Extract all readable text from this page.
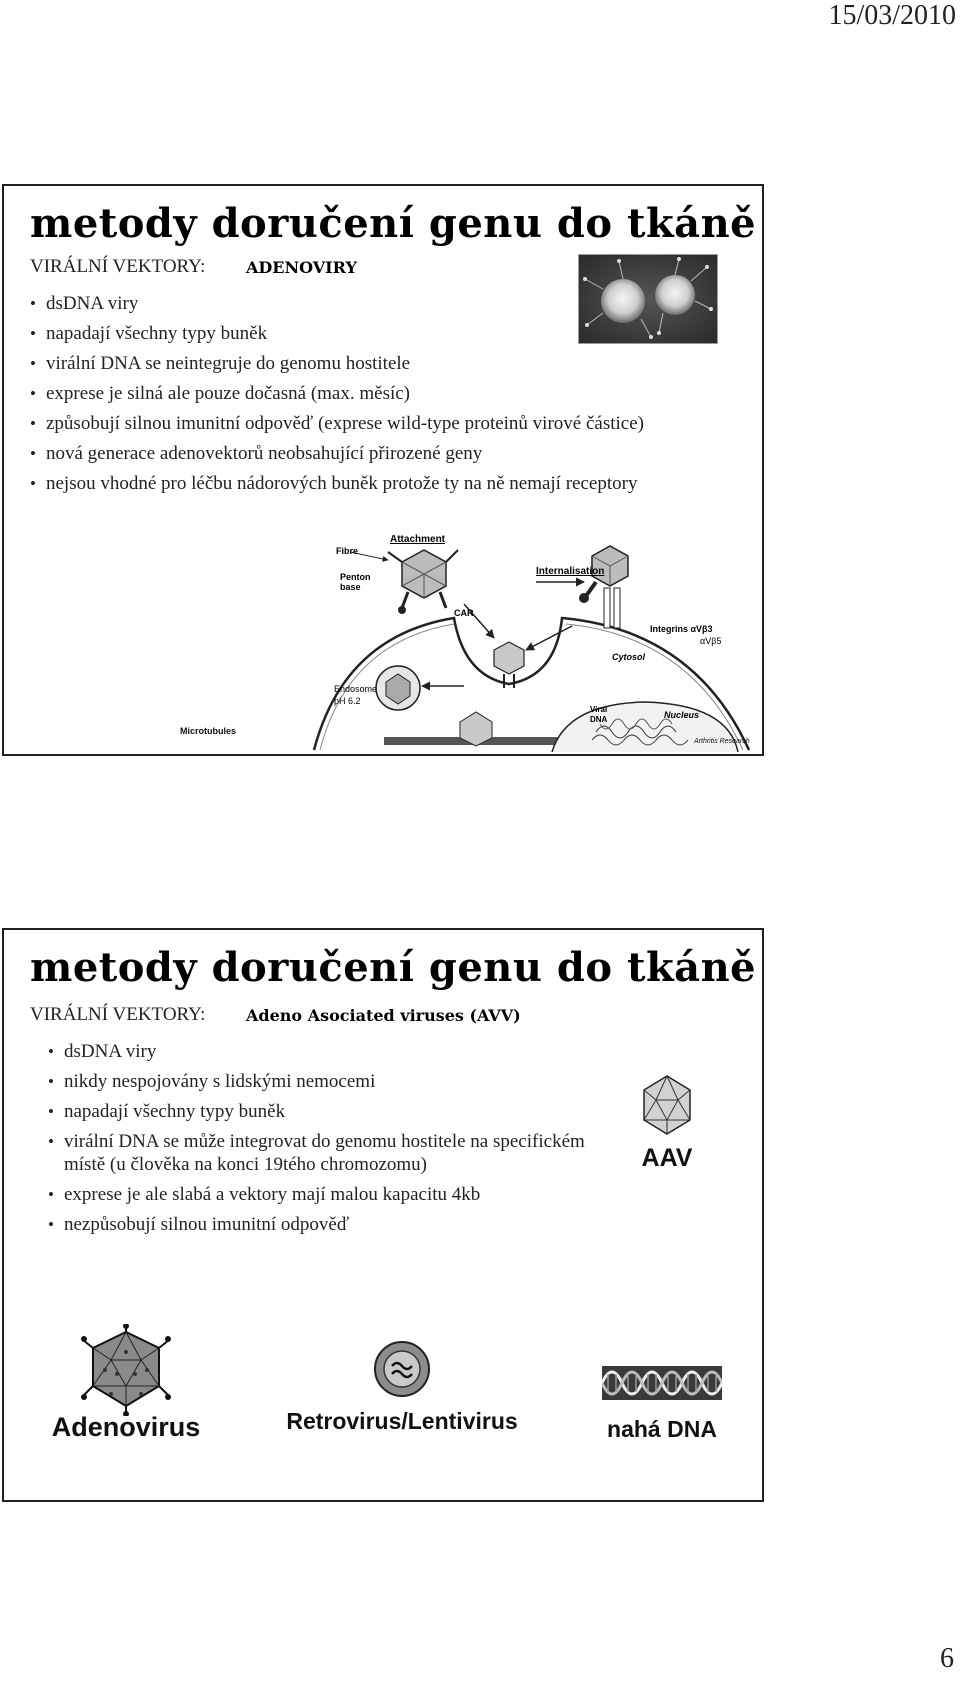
15/03/2010
metody doručení genu do tkáně
VIRÁLNÍ VEKTORY:	ADENOVIRY
• dsDNA viry
• napadají všechny typy buněk
• virální DNA se neintegruje do genomu hostitele
• exprese je silná ale pouze dočasná (max. měsíc)
• způsobují silnou imunitní odpověď (exprese wild-type proteinů virové částice)
• nová generace adenovektorů neobsahující přirozené geny
• nejsou vhodné pro léčbu nádorových buněk protože ty na ně nemají receptory
Attachment
Fibre
Penton
base
CAR
Internalisation
Integrins αVβ3
αVβ5
Cytosol
Endosome
pH 6.2
Viral
DNA	Nucleus
Microtubules
Arthritis Research
metody doručení genu do tkáně
VIRÁLNÍ VEKTORY:	Adeno Asociated viruses (AVV)
• dsDNA viry
• nikdy nespojovány s lidskými nemocemi
• napadají všechny typy buněk
• virální DNA se může integrovat do genomu hostitele na specifickém místě (u člověka na konci 19tého chromozomu)
• exprese je ale slabá a vektory mají malou kapacitu 4kb
• nezpůsobují silnou imunitní odpověď
AAV
Adenovirus	Retrovirus/Lentivirus	nahá DNA
6
